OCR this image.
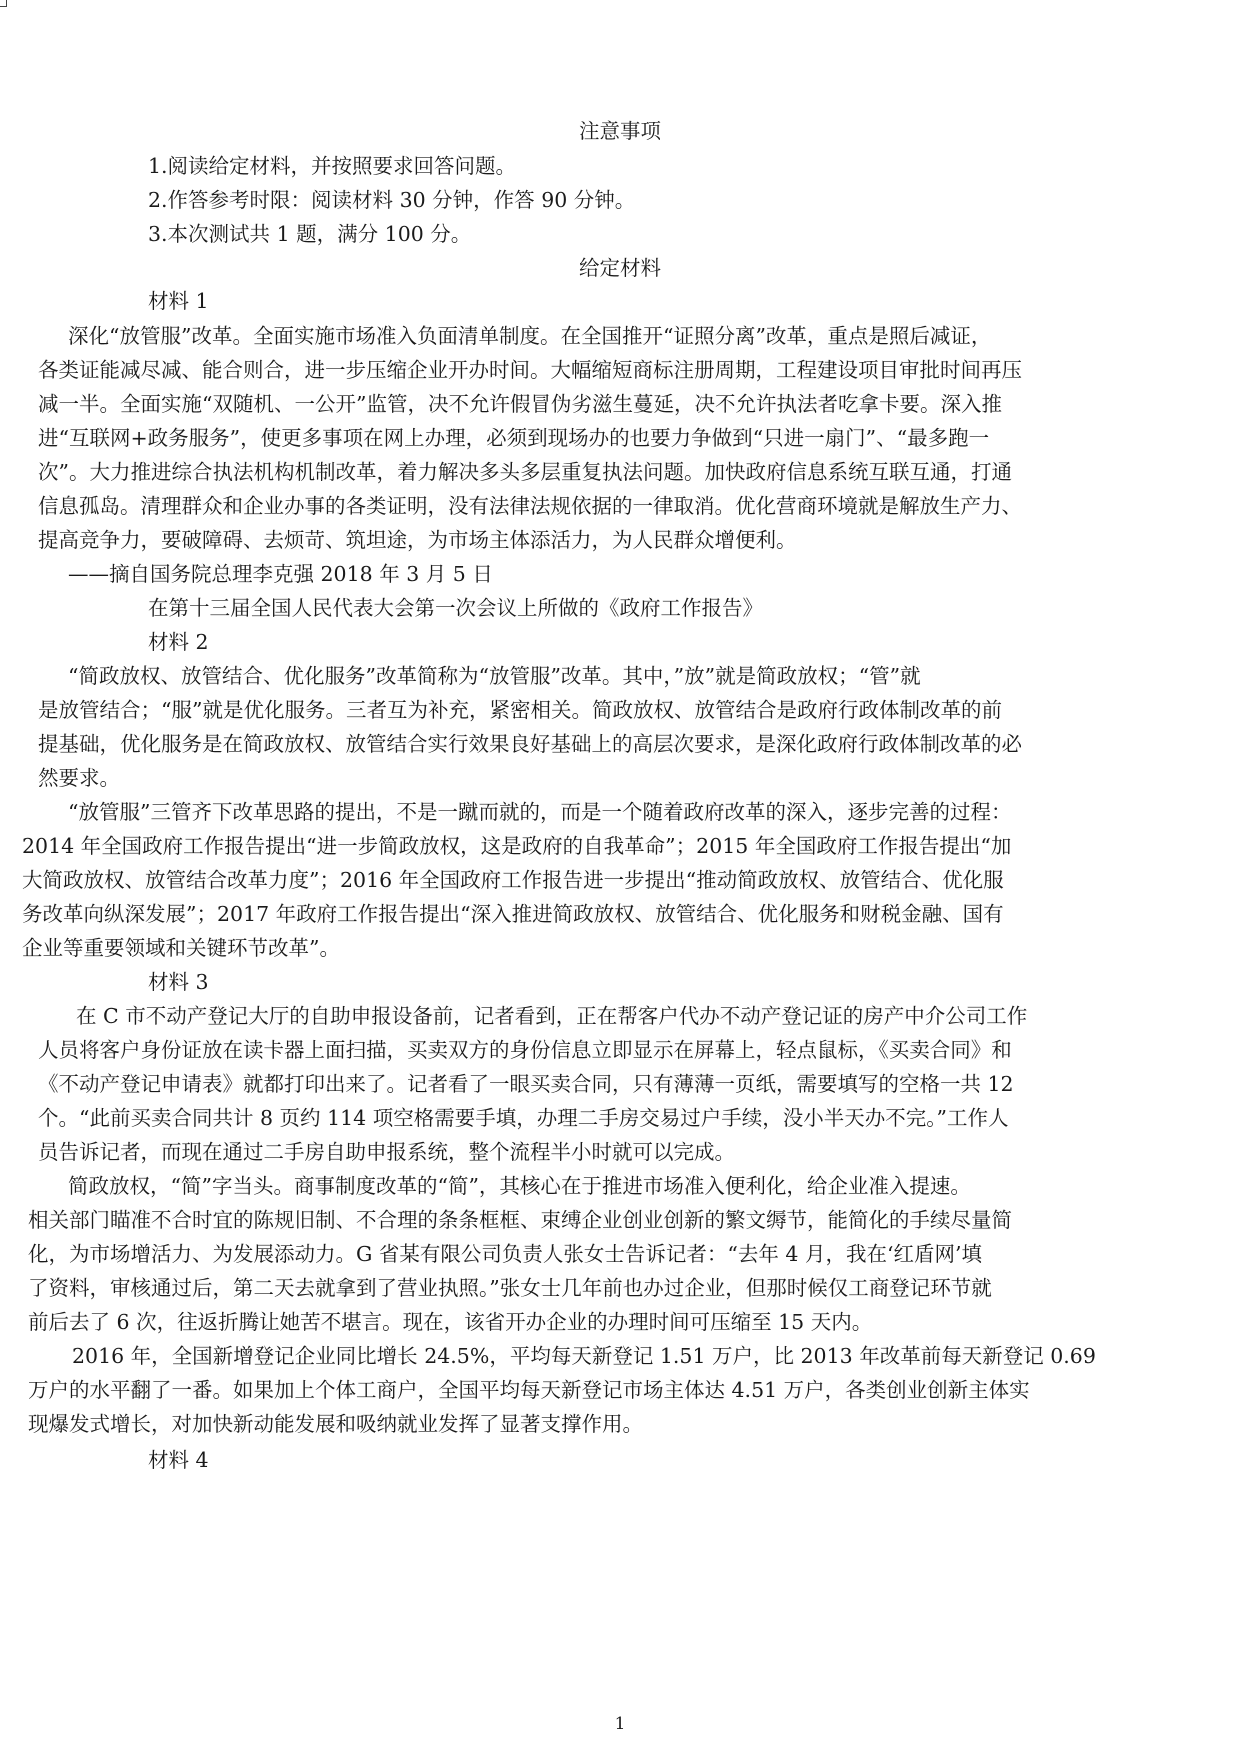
注意事项
1.阅读给定材料，并按照要求回答问题。
2.作答参考时限：阅读材料 30 分钟，作答 90 分钟。
3.本次测试共 1 题，满分 100 分。
给定材料
材料 1
深化“放管服”改革。全面实施市场准入负面清单制度。在全国推开“证照分离”改革，重点是照后减证，
各类证能减尽减、能合则合，进一步压缩企业开办时间。大幅缩短商标注册周期，工程建设项目审批时间再压
减一半。全面实施“双随机、一公开”监管，决不允许假冒伪劣滋生蔓延，决不允许执法者吃拿卡要。深入推
进“互联网+政务服务”，使更多事项在网上办理，必须到现场办的也要力争做到“只进一扇门”、“最多跑一
次”。大力推进综合执法机构机制改革，着力解决多头多层重复执法问题。加快政府信息系统互联互通，打通
信息孤岛。清理群众和企业办事的各类证明，没有法律法规依据的一律取消。优化营商环境就是解放生产力、
提高竞争力，要破障碍、去烦苛、筑坦途，为市场主体添活力，为人民群众增便利。
——摘自国务院总理李克强 2018 年 3 月 5 日
在第十三届全国人民代表大会第一次会议上所做的《政府工作报告》
材料 2
“简政放权、放管结合、优化服务”改革简称为“放管服”改革。其中，”放”就是简政放权；“管”就
是放管结合；“服”就是优化服务。三者互为补充，紧密相关。简政放权、放管结合是政府行政体制改革的前
提基础，优化服务是在简政放权、放管结合实行效果良好基础上的高层次要求，是深化政府行政体制改革的必
然要求。
“放管服”三管齐下改革思路的提出，不是一蹴而就的，而是一个随着政府改革的深入，逐步完善的过程：
2014 年全国政府工作报告提出“进一步简政放权，这是政府的自我革命”；2015 年全国政府工作报告提出“加
大简政放权、放管结合改革力度”；2016 年全国政府工作报告进一步提出“推动简政放权、放管结合、优化服
务改革向纵深发展”；2017 年政府工作报告提出“深入推进简政放权、放管结合、优化服务和财税金融、国有
企业等重要领域和关键环节改革”。
材料 3
在 C 市不动产登记大厅的自助申报设备前，记者看到，正在帮客户代办不动产登记证的房产中介公司工作
人员将客户身份证放在读卡器上面扫描，买卖双方的身份信息立即显示在屏幕上，轻点鼠标，《买卖合同》和
《不动产登记申请表》就都打印出来了。记者看了一眼买卖合同，只有薄薄一页纸，需要填写的空格一共 12
个。“此前买卖合同共计 8 页约 114 项空格需要手填，办理二手房交易过户手续，没小半天办不完。”工作人
员告诉记者，而现在通过二手房自助申报系统，整个流程半小时就可以完成。
简政放权，“简”字当头。商事制度改革的“简”，其核心在于推进市场准入便利化，给企业准入提速。
相关部门瞄准不合时宜的陈规旧制、不合理的条条框框、束缚企业创业创新的繁文缛节，能简化的手续尽量简
化，为市场增活力、为发展添动力。G 省某有限公司负责人张女士告诉记者：“去年 4 月，我在‘红盾网’填
了资料，审核通过后，第二天去就拿到了营业执照。”张女士几年前也办过企业，但那时候仅工商登记环节就
前后去了 6 次，往返折腾让她苦不堪言。现在，该省开办企业的办理时间可压缩至 15 天内。
2016 年，全国新增登记企业同比增长 24.5%，平均每天新登记 1.51 万户，比 2013 年改革前每天新登记 0.69
万户的水平翻了一番。如果加上个体工商户，全国平均每天新登记市场主体达 4.51 万户，各类创业创新主体实
现爆发式增长，对加快新动能发展和吸纳就业发挥了显著支撑作用。
材料 4
1
